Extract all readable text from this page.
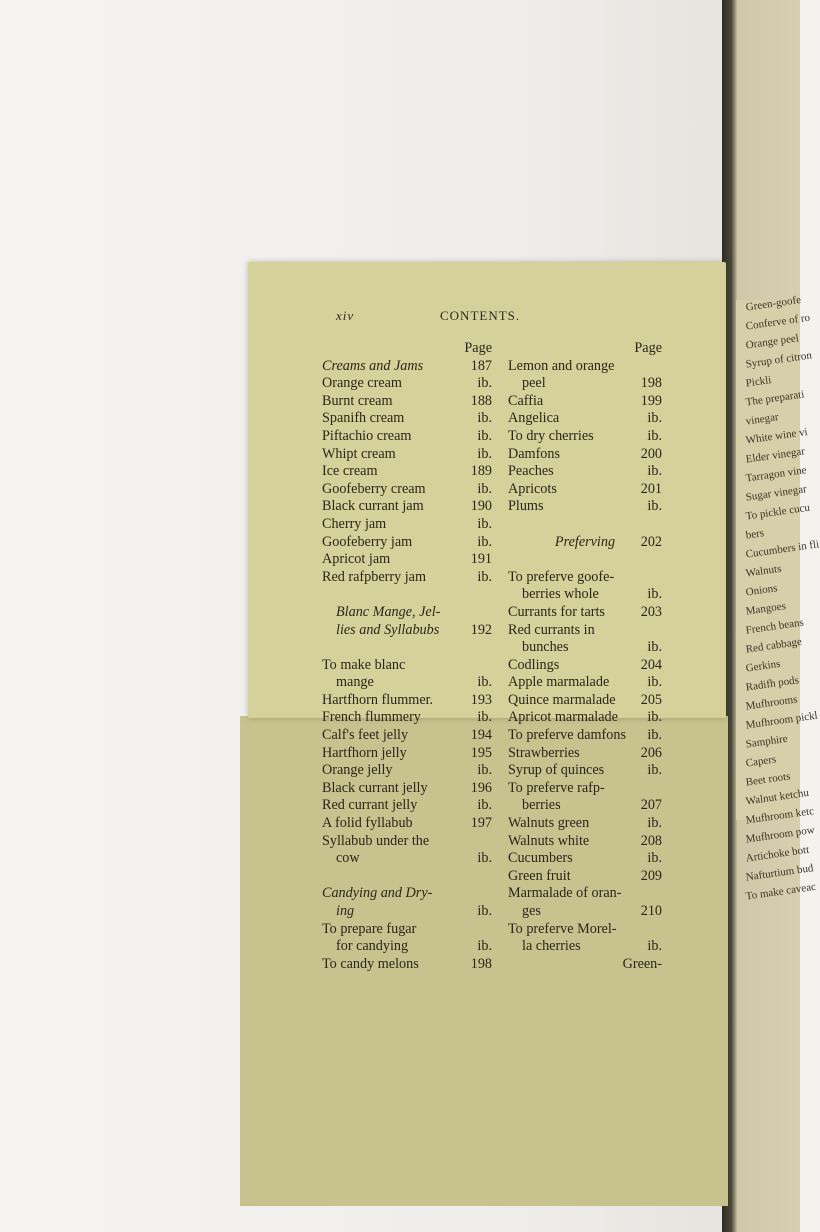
Green-goofe
Conferve of ro
Orange peel
Syrup of citron
Pickli
The preparati
vinegar
White wine vi
Elder vinegar
Tarragon vine
Sugar vinegar
To pickle cucu
bers
Cucumbers in fli
Walnuts
Onions
Mangoes
French beans
Red cabbage
Gerkins
Radifh pods
Mufhrooms
Mufhroom pickl
Samphire
Capers
Beet roots
Walnut ketchu
Mufhroom ketc
Mufhroom pow
Artichoke bott
Nafturtium bud
To make caveac
xiv	CONTENTS.
Page
Creams and Jams	187
Orange cream	ib.
Burnt cream	188
Spanifh cream	ib.
Piftachio cream	ib.
Whipt cream	ib.
Ice cream	189
Goofeberry cream	ib.
Black currant jam	190
Cherry jam	ib.
Goofeberry jam	ib.
Apricot jam	191
Red rafpberry jam	ib.
Blanc Mange, Jel-
lies and Syllabubs 192
To make blanc
mange	ib.
Hartfhorn flummer.	193
French flummery	ib.
Calf's feet jelly	194
Hartfhorn jelly	195
Orange jelly	ib.
Black currant jelly	196
Red currant jelly	ib.
A folid fyllabub	197
Syllabub under the
cow	ib.
Candying and Dry-
ing	ib.
To prepare fugar
for candying	ib.
To candy melons	198
Page
Lemon and orange
peel	198
Caffia	199
Angelica	ib.
To dry cherries	ib.
Damfons	200
Peaches	ib.
Apricots	201
Plums	ib.
Preferving	202
To preferve goofe-
berries whole	ib.
Currants for tarts	203
Red currants in
bunches	ib.
Codlings	204
Apple marmalade	ib.
Quince marmalade 205
Apricot marmalade ib.
To preferve damfons ib.
Strawberries	206
Syrup of quinces	ib.
To preferve rafp-
berries	207
Walnuts green	ib.
Walnuts white	208
Cucumbers	ib.
Green fruit	209
Marmalade of oran-
ges	210
To preferve Morel-
la cherries	ib.
Green-
